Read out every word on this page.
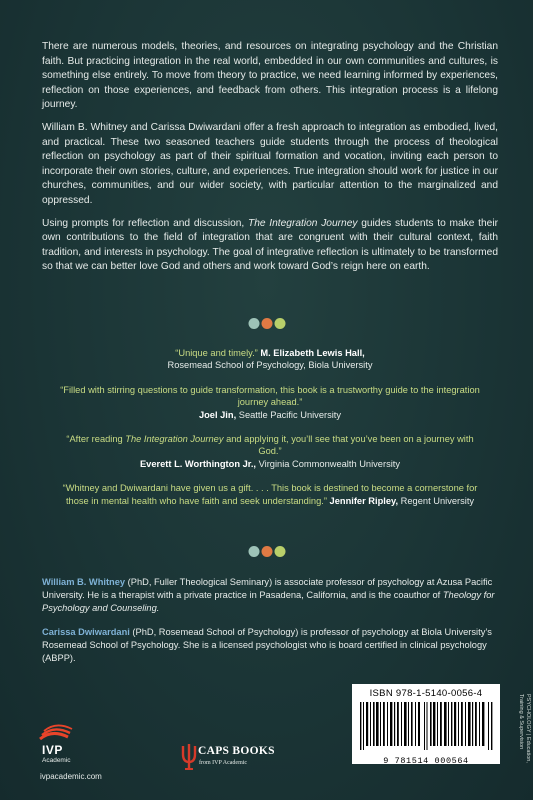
There are numerous models, theories, and resources on integrating psychology and the Christian faith. But practicing integration in the real world, embedded in our own communities and cultures, is something else entirely. To move from theory to practice, we need learning informed by experiences, reflection on those experiences, and feedback from others. This integration process is a lifelong journey.

William B. Whitney and Carissa Dwiwardani offer a fresh approach to integration as embodied, lived, and practical. These two seasoned teachers guide students through the process of theological reflection on psychology as part of their spiritual formation and vocation, inviting each person to incorporate their own stories, culture, and experiences. True integration should work for justice in our churches, communities, and our wider society, with particular attention to the marginalized and oppressed.

Using prompts for reflection and discussion, The Integration Journey guides students to make their own contributions to the field of integration that are congruent with their cultural context, faith tradition, and interests in psychology. The goal of integrative reflection is ultimately to be transformed so that we can better love God and others and work toward God’s reign here on earth.

“Unique and timely.” M. Elizabeth Lewis Hall,
Rosemead School of Psychology, Biola University
“Filled with stirring questions to guide transformation, this book is a trustworthy guide to the integration journey ahead.”
Joel Jin, Seattle Pacific University
“After reading The Integration Journey and applying it, you’ll see that you’ve been on a journey with God.”
Everett L. Worthington Jr., Virginia Commonwealth University
“Whitney and Dwiwardani have given us a gift. . . . This book is destined to become a cornerstone for those in mental health who have faith and seek understanding.” Jennifer Ripley, Regent University
William B. Whitney (PhD, Fuller Theological Seminary) is associate professor of psychology at Azusa Pacific University. He is a therapist with a private practice in Pasadena, California, and is the coauthor of Theology for Psychology and Counseling.
Carissa Dwiwardani (PhD, Rosemead School of Psychology) is professor of psychology at Biola University’s Rosemead School of Psychology. She is a licensed psychologist who is board certified in clinical psychology (ABPP).
ISBN 978-1-5140-0056-4
9 781514 000564	PSYCHOLOGY | Education, Training & Supervision
IVP
Academic
ivpacademic.com
CAPS BOOKS
from IVP Academic
